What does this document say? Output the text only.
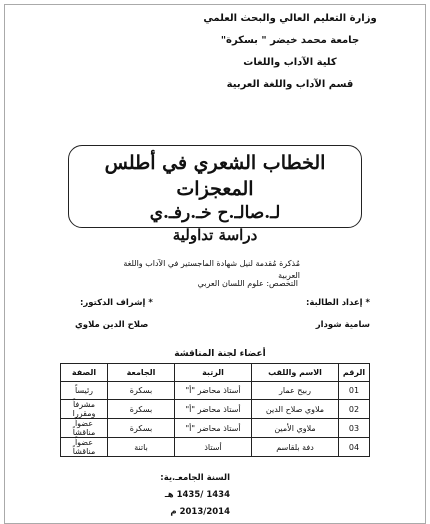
وزارة التعليم العالي والبحث العلمي
جامعة محمد خيضر " بسكرة"
كلية الآداب واللغات
قسم الآداب واللغة العربية
الخطاب الشعري في أطلس المعجزات
لـ.صالـ.ح خـ.رفـ.ي
دراسة تداولية
مُذكرة مُقدمة لنيل شهادة الماجستير في الآداب واللغة العربية
التخصص: علوم اللسان العربي
* إعداد الطالبة:
* إشراف الدكتور:
سامية شودار
صلاح الدين ملاوي
أعضاء لجنة المناقشة
الرقم	الاسم واللقب	الرتبة	الجامعة	الصفة
01	ربيح عمار	أستاذ محاضر "أ"	بسكرة	رئيساً
02	ملاوي صلاح الدين	أستاذ محاضر "أ"	بسكرة	مشرفاً ومقررا
03	ملاوي الأمين	أستاذ محاضر "أ"	بسكرة	عضواً مناقشاً
04	دفة بلقاسم	أستاذ	باتنة	عضواً مناقشاً
السنة الجامعـ.ية:
1434 /1435 هـ
2013/2014 م
